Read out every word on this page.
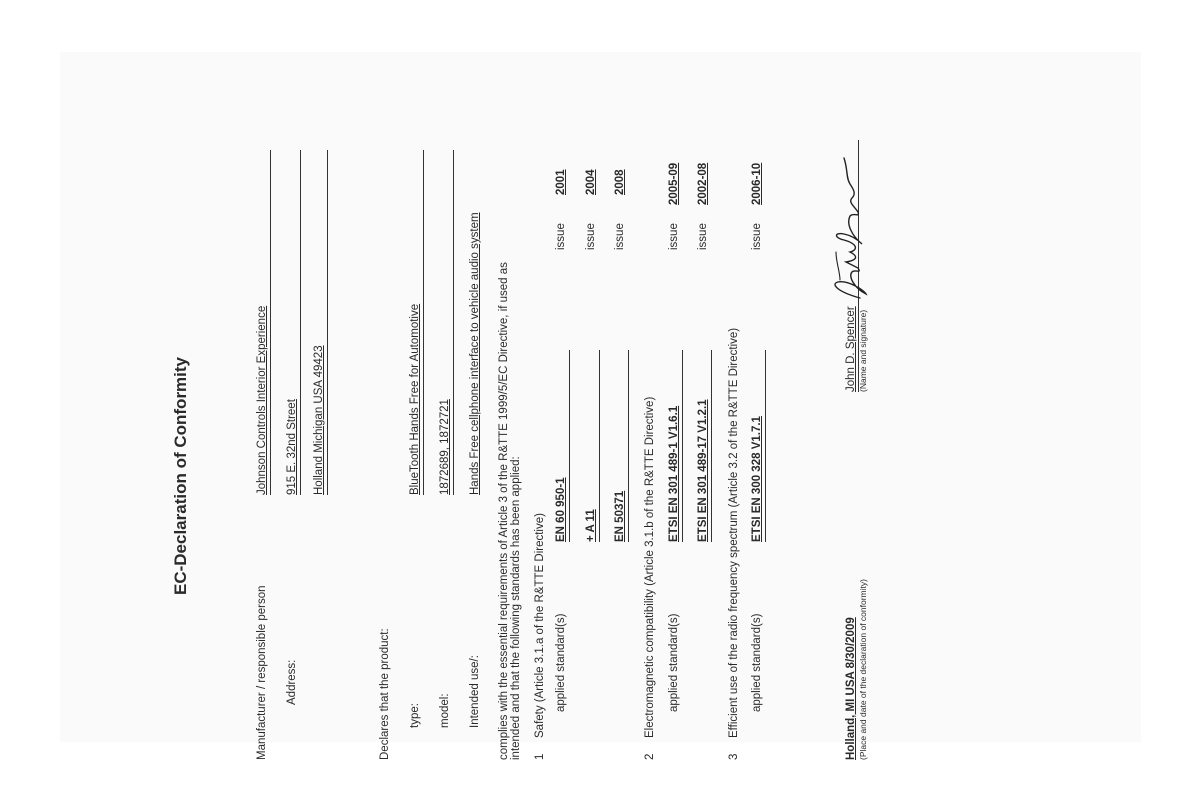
EC-Declaration of Conformity
Manufacturer / responsible person
Johnson Controls Interior Experience
Address:
915 E. 32nd Street Holland Michigan USA 49423
Declares that the product: type:
BlueTooth Hands Free for Automotive
model:
1872689, 1872721
Intended use/:
Hands Free cellphone interface to vehicle audio system complies with the essential requirements of Article 3 of the R&TTE 1999/5/EC Directive, if used as intended and that the following standards has been applied: 1
Safety (Article 3.1.a of the R&TTE Directive) applied standard(s)
EN 60 950-1
issue
2001
+ A 11
issue
2004
EN 50371
issue
2008
2
Electromagnetic compatibility (Article 3.1.b of the R&TTE Directive) applied standard(s)
ETSI EN 301 489-1 V1.6.1
issue
2005-09
ETSI EN 301 489-17 V1.2.1
issue
2002-08
3
Efficient use of the radio frequency spectrum (Article 3.2 of the R&TTE Directive) applied standard(s)
ETSI EN 300 328 V1.7.1
issue
2006-10
Holland, MI USA 8/30/2009 (Place and date of the declaration of conformity)
John D. Spencer (Name and signature)
